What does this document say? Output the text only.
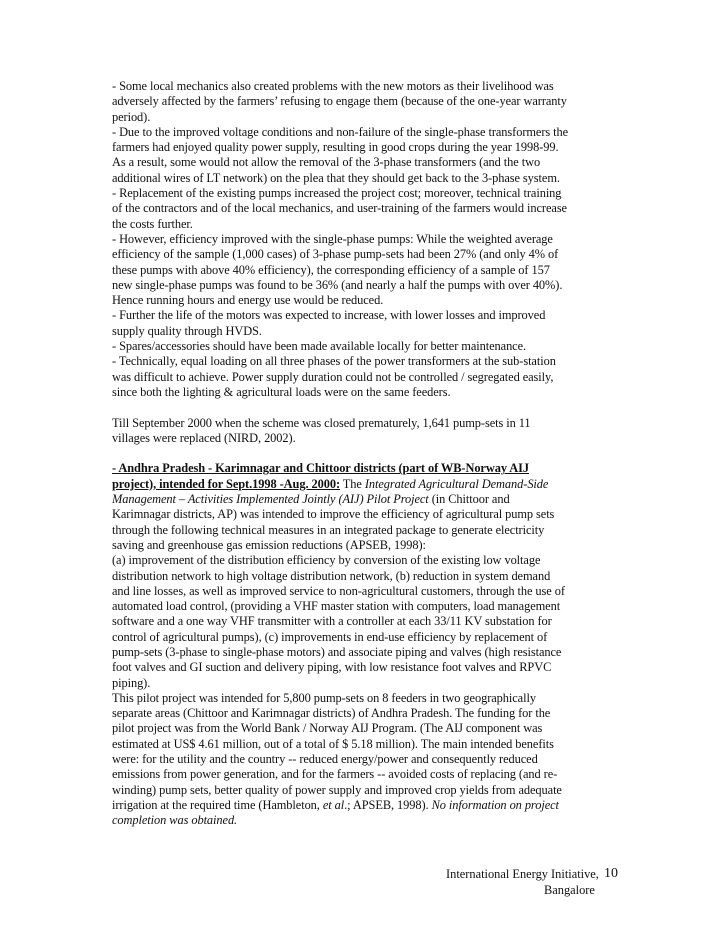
- Some local mechanics also created problems with the new motors as their livelihood was
adversely affected by the farmers’ refusing to engage them (because of the one-year warranty
period).
- Due to the improved voltage conditions and non-failure of the single-phase transformers the
farmers had enjoyed quality power supply, resulting in good crops during the year 1998-99.
As a result, some would not allow the removal of the 3-phase transformers (and the two
additional wires of LT network) on the plea that they should get back to the 3-phase system.
- Replacement of the existing pumps increased the project cost; moreover, technical training
of the contractors and of the local mechanics, and user-training of the farmers would increase
the costs further.
- However, efficiency improved with the single-phase pumps: While the weighted average
efficiency of the sample (1,000 cases) of 3-phase pump-sets had been 27% (and only 4% of
these pumps with above 40% efficiency), the corresponding efficiency of a sample of 157
new single-phase pumps was found to be 36% (and nearly a half the pumps with over 40%).
Hence running hours and energy use would be reduced.
- Further the life of the motors was expected to increase, with lower losses and improved
supply quality through HVDS.
- Spares/accessories should have been made available locally for better maintenance.
- Technically, equal loading on all three phases of the power transformers at the sub-station
was difficult to achieve. Power supply duration could not be controlled / segregated easily,
since both the lighting & agricultural loads were on the same feeders.

Till September 2000 when the scheme was closed prematurely, 1,641 pump-sets in 11
villages were replaced (NIRD, 2002).

- Andhra Pradesh - Karimnagar and Chittoor districts (part of WB-Norway AIJ
project), intended for Sept.1998 -Aug. 2000: The Integrated Agricultural Demand-Side
Management – Activities Implemented Jointly (AIJ) Pilot Project (in Chittoor and
Karimnagar districts, AP) was intended to improve the efficiency of agricultural pump sets
through the following technical measures in an integrated package to generate electricity
saving and greenhouse gas emission reductions (APSEB, 1998):
(a) improvement of the distribution efficiency by conversion of the existing low voltage
distribution network to high voltage distribution network, (b) reduction in system demand
and line losses, as well as improved service to non-agricultural customers, through the use of
automated load control, (providing a VHF master station with computers, load management
software and a one way VHF transmitter with a controller at each 33/11 KV substation for
control of agricultural pumps), (c) improvements in end-use efficiency by replacement of
pump-sets (3-phase to single-phase motors) and associate piping and valves (high resistance
foot valves and GI suction and delivery piping, with low resistance foot valves and RPVC
piping).
This pilot project was intended for 5,800 pump-sets on 8 feeders in two geographically
separate areas (Chittoor and Karimnagar districts) of Andhra Pradesh. The funding for the
pilot project was from the World Bank / Norway AIJ Program. (The AIJ component was
estimated at US$ 4.61 million, out of a total of $ 5.18 million). The main intended benefits
were: for the utility and the country -- reduced energy/power and consequently reduced
emissions from power generation, and for the farmers -- avoided costs of replacing (and re-
winding) pump sets, better quality of power supply and improved crop yields from adequate
irrigation at the required time (Hambleton, et al.; APSEB, 1998). No information on project
completion was obtained.

International Energy Initiative, 10
Bangalore
